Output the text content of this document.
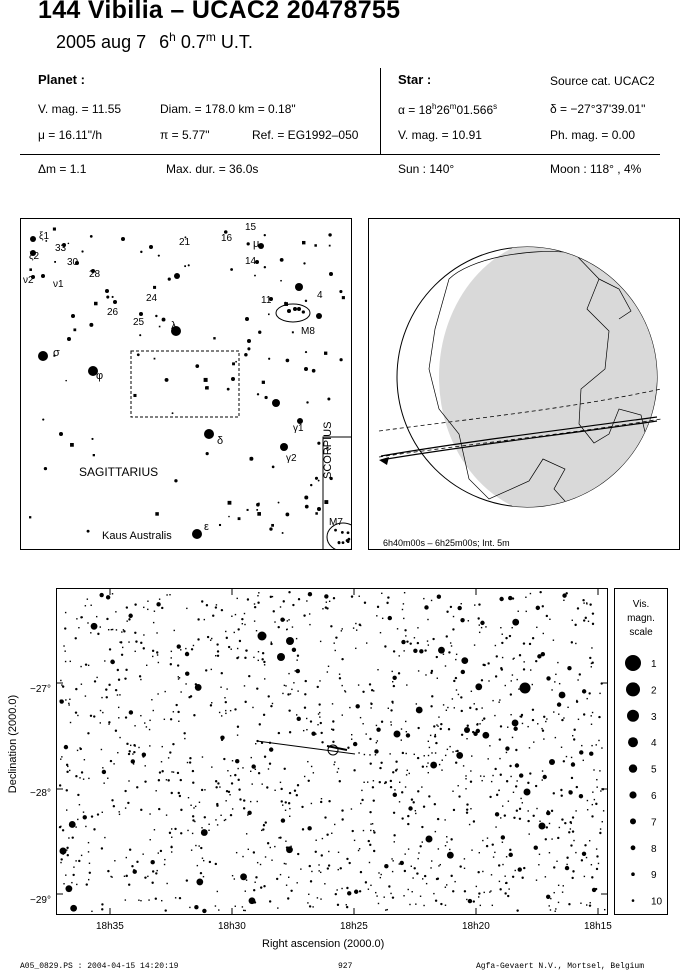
144 Vibilia – UCAC2 20478755
2005 aug 7 6$^h$ 0.7$^m$ U.T.
Planet :
V. mag. = 11.55	Diam. = 178.0 km = 0.18"
μ = 16.11"/h	π = 5.77"	Ref. = EG1992–050
Star :	Source cat. UCAC2
$\alpha = 18^h26^m01.566^s$	δ = −27°37'39.01"
V. mag. = 10.91	Ph. mag. = 0.00
Δm = 1.1	Max. dur. = 36.0s	Sun : 140°	Moon : 118° , 4%
ξ1
ξ2
33
30
ν2 ν1
28
21	16
15
μ
14
24
26
25 λ
11	4
M8
σ
φ
δ
γ1
γ2
SAGITTARIUS	SCORPIUS
ε
Kaus Australis
M7
6h40m00s – 6h25m00s; Int. 5m
−27°
−28°
−29°
Declination (2000.0)
18h35	18h30	18h25	18h20	18h15
Right ascension (2000.0)
Vis.
magn.
scale
1
2
3
4
5
6
7
8
9
10
A05_0829.PS : 2004-04-15 14:20:19	927	Agfa-Gevaert N.V., Mortsel, Belgium
